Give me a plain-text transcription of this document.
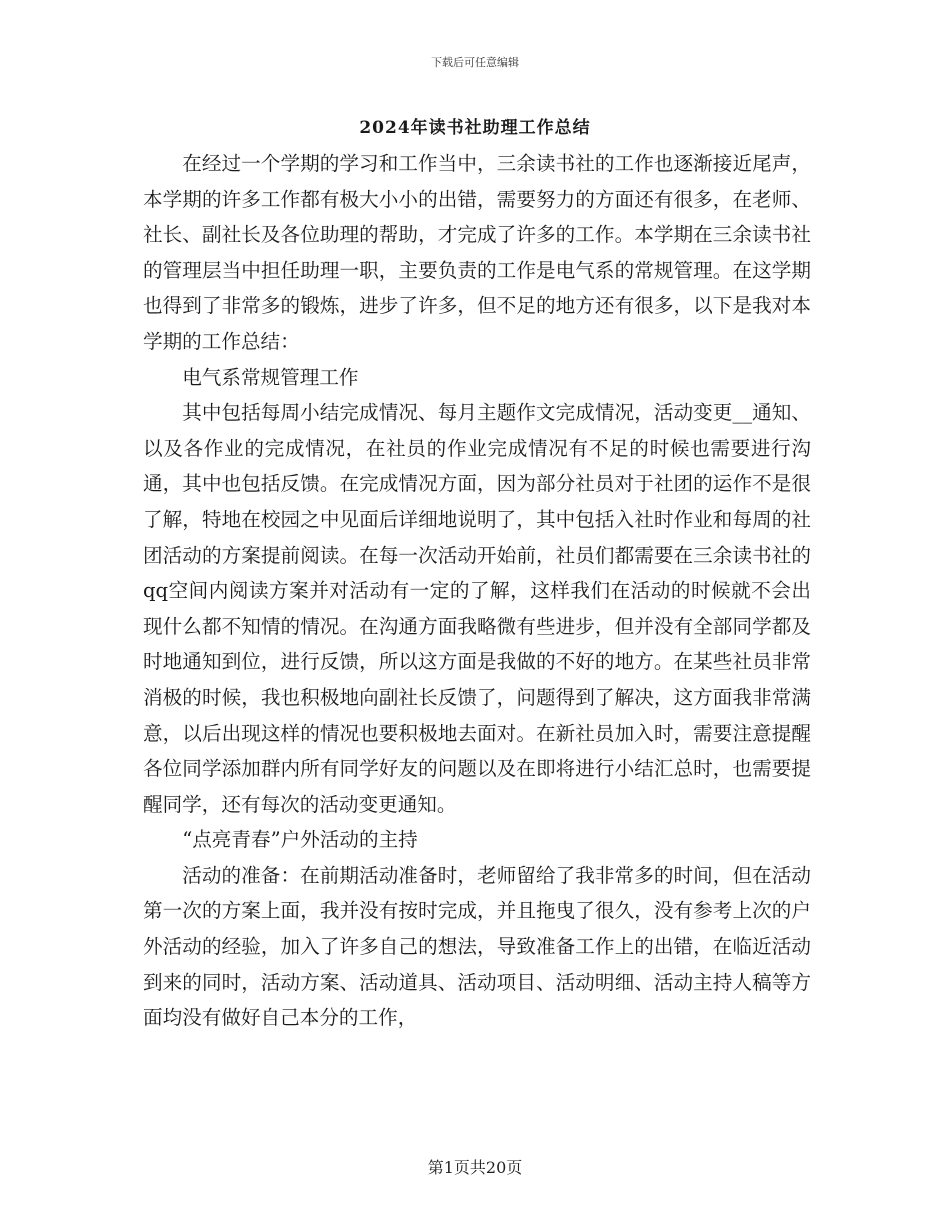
下载后可任意编辑
2024年读书社助理工作总结

在经过一个学期的学习和工作当中，三余读书社的工作也逐渐接近尾声，本学期的许多工作都有极大小小的出错，需要努力的方面还有很多，在老师、社长、副社长及各位助理的帮助，才完成了许多的工作。本学期在三余读书社的管理层当中担任助理一职，主要负责的工作是电气系的常规管理。在这学期也得到了非常多的锻炼，进步了许多，但不足的地方还有很多，以下是我对本学期的工作总结：

电气系常规管理工作

其中包括每周小结完成情况、每月主题作文完成情况，活动变更__通知、以及各作业的完成情况，在社员的作业完成情况有不足的时候也需要进行沟通，其中也包括反馈。在完成情况方面，因为部分社员对于社团的运作不是很了解，特地在校园之中见面后详细地说明了，其中包括入社时作业和每周的社团活动的方案提前阅读。在每一次活动开始前，社员们都需要在三余读书社的qq空间内阅读方案并对活动有一定的了解，这样我们在活动的时候就不会出现什么都不知情的情况。在沟通方面我略微有些进步，但并没有全部同学都及时地通知到位，进行反馈，所以这方面是我做的不好的地方。在某些社员非常消极的时候，我也积极地向副社长反馈了，问题得到了解决，这方面我非常满意，以后出现这样的情况也要积极地去面对。在新社员加入时，需要注意提醒各位同学添加群内所有同学好友的问题以及在即将进行小结汇总时，也需要提醒同学，还有每次的活动变更通知。

“点亮青春”户外活动的主持

活动的准备：在前期活动准备时，老师留给了我非常多的时间，但在活动第一次的方案上面，我并没有按时完成，并且拖曳了很久，没有参考上次的户外活动的经验，加入了许多自己的想法，导致准备工作上的出错，在临近活动到来的同时，活动方案、活动道具、活动项目、活动明细、活动主持人稿等方面均没有做好自己本分的工作，

第1页共20页
